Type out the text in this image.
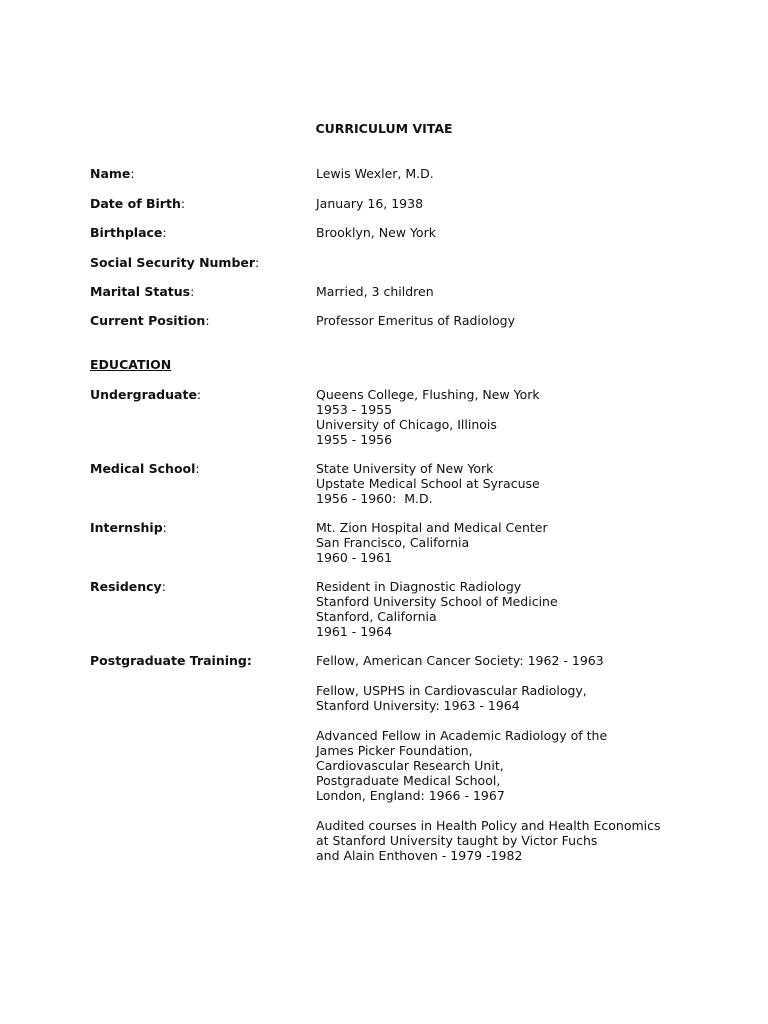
CURRICULUM VITAE
Name:	Lewis Wexler, M.D.
Date of Birth:	January 16, 1938
Birthplace:	Brooklyn, New York
Social Security Number:
Marital Status:	Married, 3 children
Current Position:	Professor Emeritus of Radiology
EDUCATION
Undergraduate:	Queens College, Flushing, New York
1953 - 1955
University of Chicago, Illinois
1955 - 1956
Medical School:	State University of New York
Upstate Medical School at Syracuse
1956 - 1960:  M.D.
Internship:	Mt. Zion Hospital and Medical Center
San Francisco, California
1960 - 1961
Residency:	Resident in Diagnostic Radiology
Stanford University School of Medicine
Stanford, California
1961 - 1964
Postgraduate Training:	Fellow, American Cancer Society: 1962 - 1963
Fellow, USPHS in Cardiovascular Radiology,
Stanford University: 1963 - 1964
Advanced Fellow in Academic Radiology of the
James Picker Foundation,
Cardiovascular Research Unit,
Postgraduate Medical School,
London, England: 1966 - 1967
Audited courses in Health Policy and Health Economics
at Stanford University taught by Victor Fuchs
and Alain Enthoven - 1979 -1982
